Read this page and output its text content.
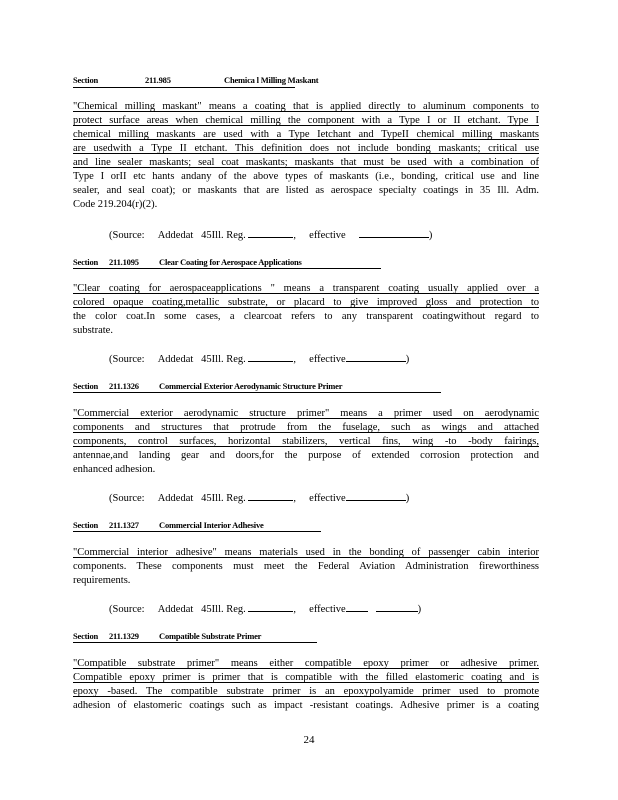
Section	211.985	Chemica l Milling Maskant
"Chemical milling maskant" means a coating that is applied directly to aluminum components to
protect surface areas when chemical milling the component with a Type I or II etchant. Type I
chemical milling maskants are used with a Type Ietchant and TypeII chemical milling maskants
are usedwith a Type II etchant. This definition does not include bonding maskants; critical use
and line sealer maskants; seal coat maskants; maskants that must be used with a combination of
Type I orII etc hants andany of the above types of maskants (i.e., bonding, critical use and line
sealer, and seal coat); or maskants that are listed as aerospace specialty coatings in 35 Ill. Adm.
Code 219.204(r)(2).
(Source: Addedat 45Ill. Reg.	,     effective	)
Section 211.1095 Clear Coating for Aerospace Applications
"Clear coating for aerospaceapplications " means a transparent coating usually applied over a
colored opaque coating,metallic substrate, or placard to give improved gloss and protection to
the color coat.In some cases, a clearcoat refers to any transparent coatingwithout regard to
substrate.
(Source: Addedat 45Ill. Reg.	,     effective	)
Section 211.1326 Commercial Exterior Aerodynamic Structure Primer
"Commercial exterior aerodynamic structure primer" means a primer used on aerodynamic
components and structures that protrude from the fuselage, such as wings and attached
components, control surfaces, horizontal stabilizers, vertical fins, wing -to -body fairings,
antennae,and landing gear and doors,for the purpose of extended corrosion protection and
enhanced adhesion.
(Source: Addedat 45Ill. Reg.	,     effective	)
Section 211.1327 Commercial Interior Adhesive
"Commercial interior adhesive" means materials used in the bonding of passenger cabin interior
components. These components must meet the Federal Aviation Administration fireworthiness
requirements.
(Source: Addedat 45Ill. Reg.	,     effective	)
Section 211.1329 Compatible Substrate Primer
"Compatible substrate primer" means either compatible epoxy primer or adhesive primer.
Compatible epoxy primer is primer that is compatible with the filled elastomeric coating and is
epoxy -based. The compatible substrate primer is an epoxypolyamide primer used to promote
adhesion of elastomeric coatings such as impact -resistant coatings. Adhesive primer is a coating
24
